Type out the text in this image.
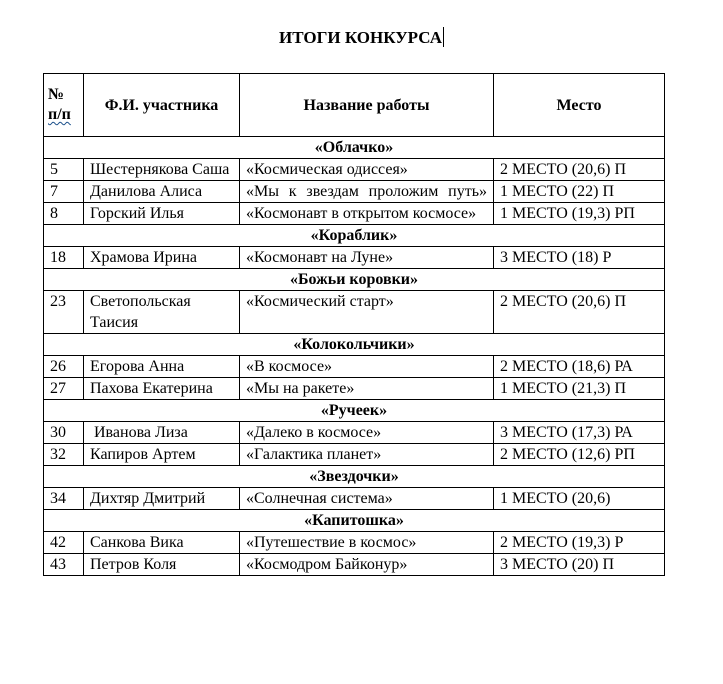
ИТОГИ КОНКУРСА
№
п/п	Ф.И. участника	Название работы	Место
«Облачко»			
5	Шестернякова Саша	«Космическая одиссея»	2 МЕСТО (20,6) П
7	Данилова Алиса	«Мы к звездам проложим путь»	1 МЕСТО (22) П
8	Горский Илья	«Космонавт в открытом космосе»	1 МЕСТО (19,3) РП
«Кораблик»			
18	Храмова Ирина	«Космонавт на Луне»	3 МЕСТО (18) Р
«Божьи коровки»			
23	Светопольская Таисия	«Космический старт»	2 МЕСТО (20,6) П
«Колокольчики»			
26	Егорова Анна	«В космосе»	2 МЕСТО (18,6) РА
27	Пахова Екатерина	«Мы на ракете»	1 МЕСТО (21,3) П
«Ручеек»			
30	Иванова Лиза	«Далеко в космосе»	3 МЕСТО (17,3) РА
32	Капиров Артем	«Галактика планет»	2 МЕСТО (12,6) РП
«Звездочки»			
34	Дихтяр Дмитрий	«Солнечная система»	1 МЕСТО (20,6)
«Капитошка»			
42	Санкова Вика	«Путешествие в космос»	2 МЕСТО (19,3) Р
43	Петров Коля	«Космодром Байконур»	3 МЕСТО (20) П
